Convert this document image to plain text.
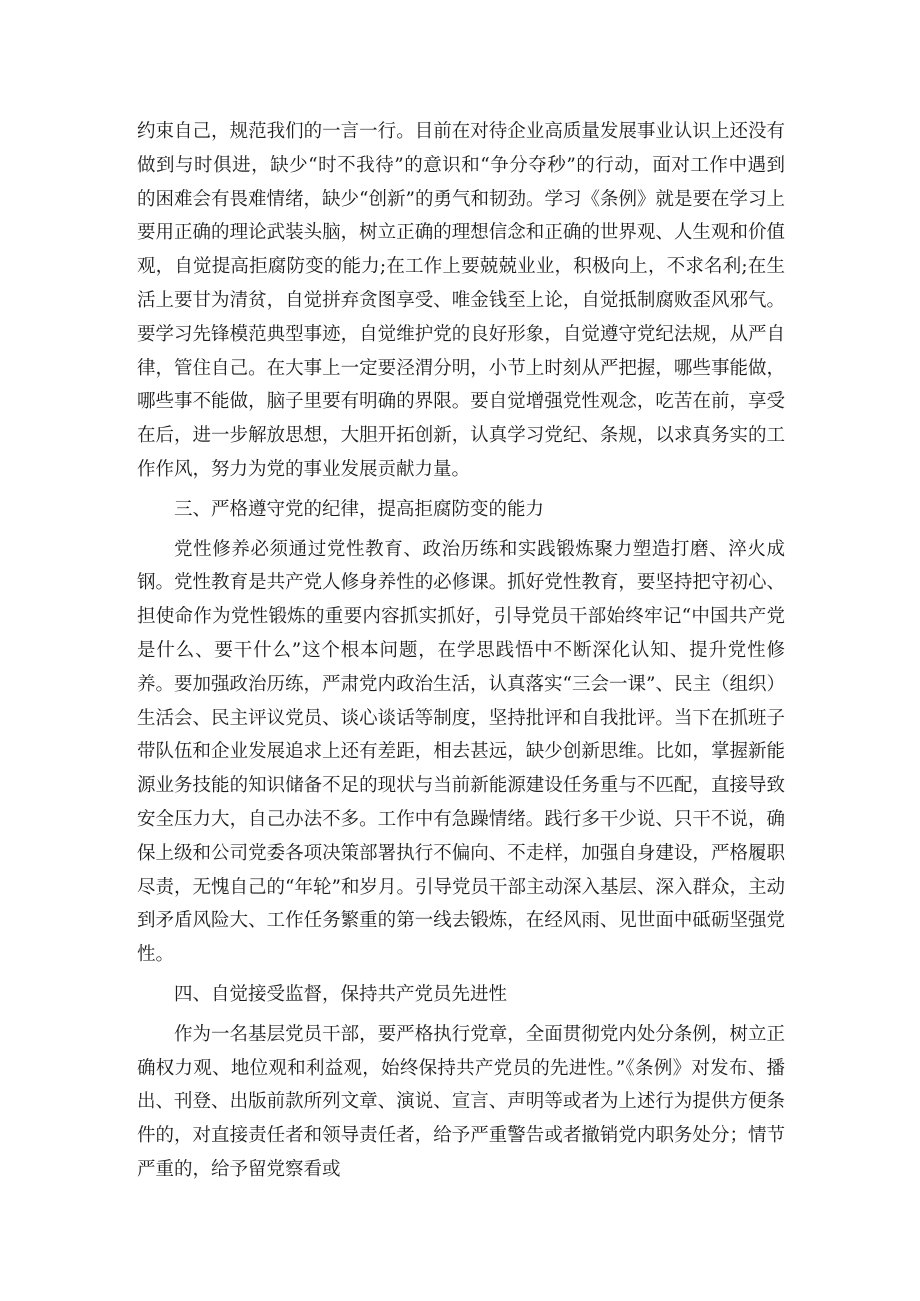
约束自己，规范我们的一言一行。目前在对待企业高质量发展事业认识上还没有做到与时俱进，缺少“时不我待”的意识和“争分夺秒”的行动，面对工作中遇到的困难会有畏难情绪，缺少“创新”的勇气和韧劲。学习《条例》就是要在学习上要用正确的理论武装头脑，树立正确的理想信念和正确的世界观、人生观和价值观，自觉提高拒腐防变的能力;在工作上要兢兢业业，积极向上，不求名利;在生活上要甘为清贫，自觉拼弃贪图享受、唯金钱至上论，自觉抵制腐败歪风邪气。要学习先锋模范典型事迹，自觉维护党的良好形象，自觉遵守党纪法规，从严自律，管住自己。在大事上一定要泾渭分明，小节上时刻从严把握，哪些事能做，哪些事不能做，脑子里要有明确的界限。要自觉增强党性观念，吃苦在前，享受在后，进一步解放思想，大胆开拓创新，认真学习党纪、条规，以求真务实的工作作风，努力为党的事业发展贡献力量。

三、严格遵守党的纪律，提高拒腐防变的能力

党性修养必须通过党性教育、政治历练和实践锻炼聚力塑造打磨、淬火成钢。党性教育是共产党人修身养性的必修课。抓好党性教育，要坚持把守初心、担使命作为党性锻炼的重要内容抓实抓好，引导党员干部始终牢记“中国共产党是什么、要干什么”这个根本问题，在学思践悟中不断深化认知、提升党性修养。要加强政治历练，严肃党内政治生活，认真落实“三会一课”、民主（组织）生活会、民主评议党员、谈心谈话等制度，坚持批评和自我批评。当下在抓班子带队伍和企业发展追求上还有差距，相去甚远，缺少创新思维。比如，掌握新能源业务技能的知识储备不足的现状与当前新能源建设任务重与不匹配，直接导致安全压力大，自己办法不多。工作中有急躁情绪。践行多干少说、只干不说，确保上级和公司党委各项决策部署执行不偏向、不走样，加强自身建设，严格履职尽责，无愧自己的“年轮”和岁月。引导党员干部主动深入基层、深入群众，主动到矛盾风险大、工作任务繁重的第一线去锻炼，在经风雨、见世面中砥砺坚强党性。

四、自觉接受监督，保持共产党员先进性

作为一名基层党员干部，要严格执行党章，全面贯彻党内处分条例，树立正确权力观、地位观和利益观，始终保持共产党员的先进性。”《条例》对发布、播出、刊登、出版前款所列文章、演说、宣言、声明等或者为上述行为提供方便条件的，对直接责任者和领导责任者，给予严重警告或者撤销党内职务处分；情节严重的，给予留党察看或
